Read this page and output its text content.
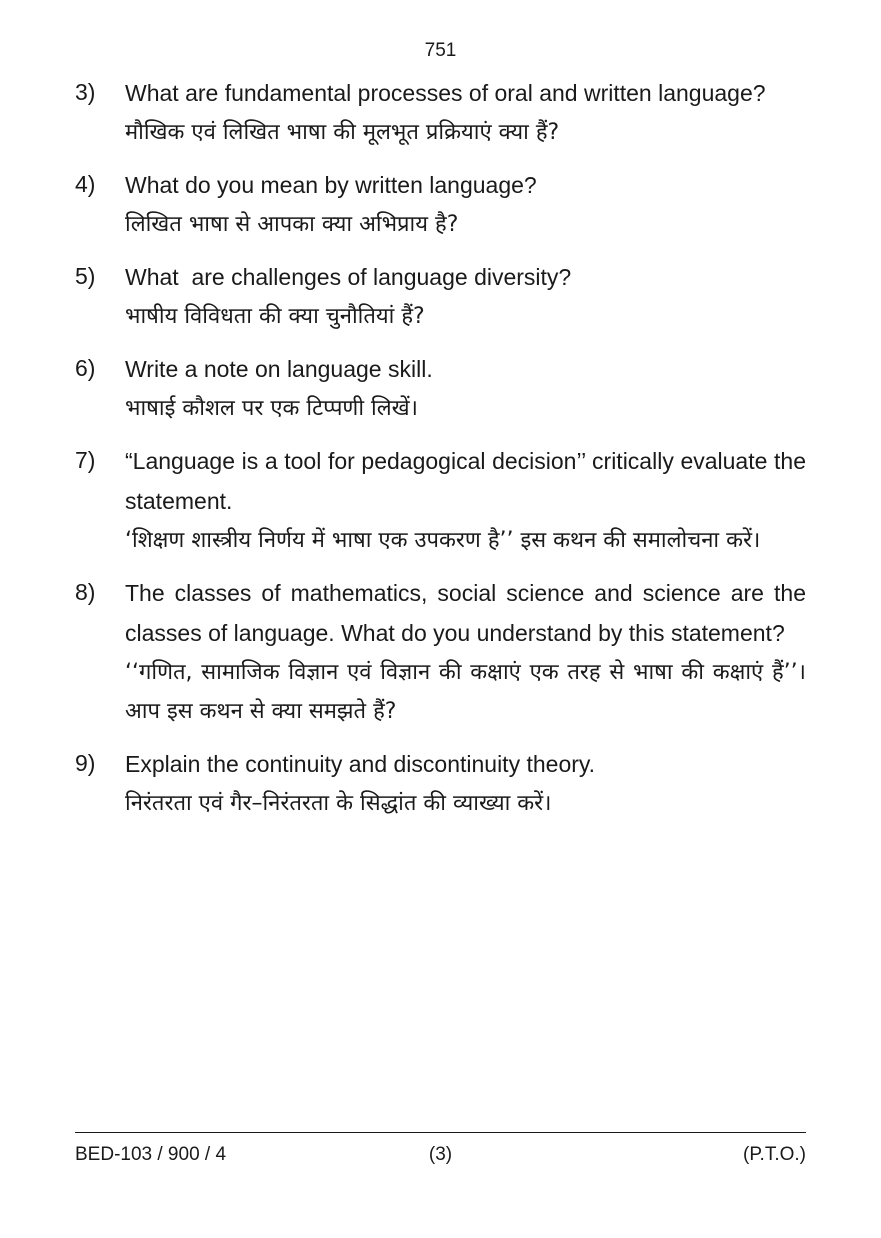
751
3)	What are fundamental processes of oral and written language?
मौखिक एवं लिखित भाषा की मूलभूत प्रक्रियाएं क्या हैं?
4)	What do you mean by written language?
लिखित भाषा से आपका क्या अभिप्राय है?
5)	What  are challenges of language diversity?
भाषीय विविधता की क्या चुनौतियां हैं?
6)	Write a note on language skill.
भाषाई कौशल पर एक टिप्पणी लिखें।
7)	“Language is a tool for pedagogical decision’’ critically evaluate the statement.
‘शिक्षण शास्त्रीय निर्णय में भाषा एक उपकरण है’’ इस कथन की समालोचना करें।
8)	The classes of mathematics, social science and science are the classes of language. What do you understand by this statement?
‘‘गणित, सामाजिक विज्ञान एवं विज्ञान की कक्षाएं एक तरह से भाषा की कक्षाएं हैं’’। आप इस कथन से क्या समझते हैं?
9)	Explain the continuity and discontinuity theory.
निरंतरता एवं गैर–निरंतरता के सिद्धांत की व्याख्या करें।
BED-103 / 900 / 4	(3)	(P.T.O.)
